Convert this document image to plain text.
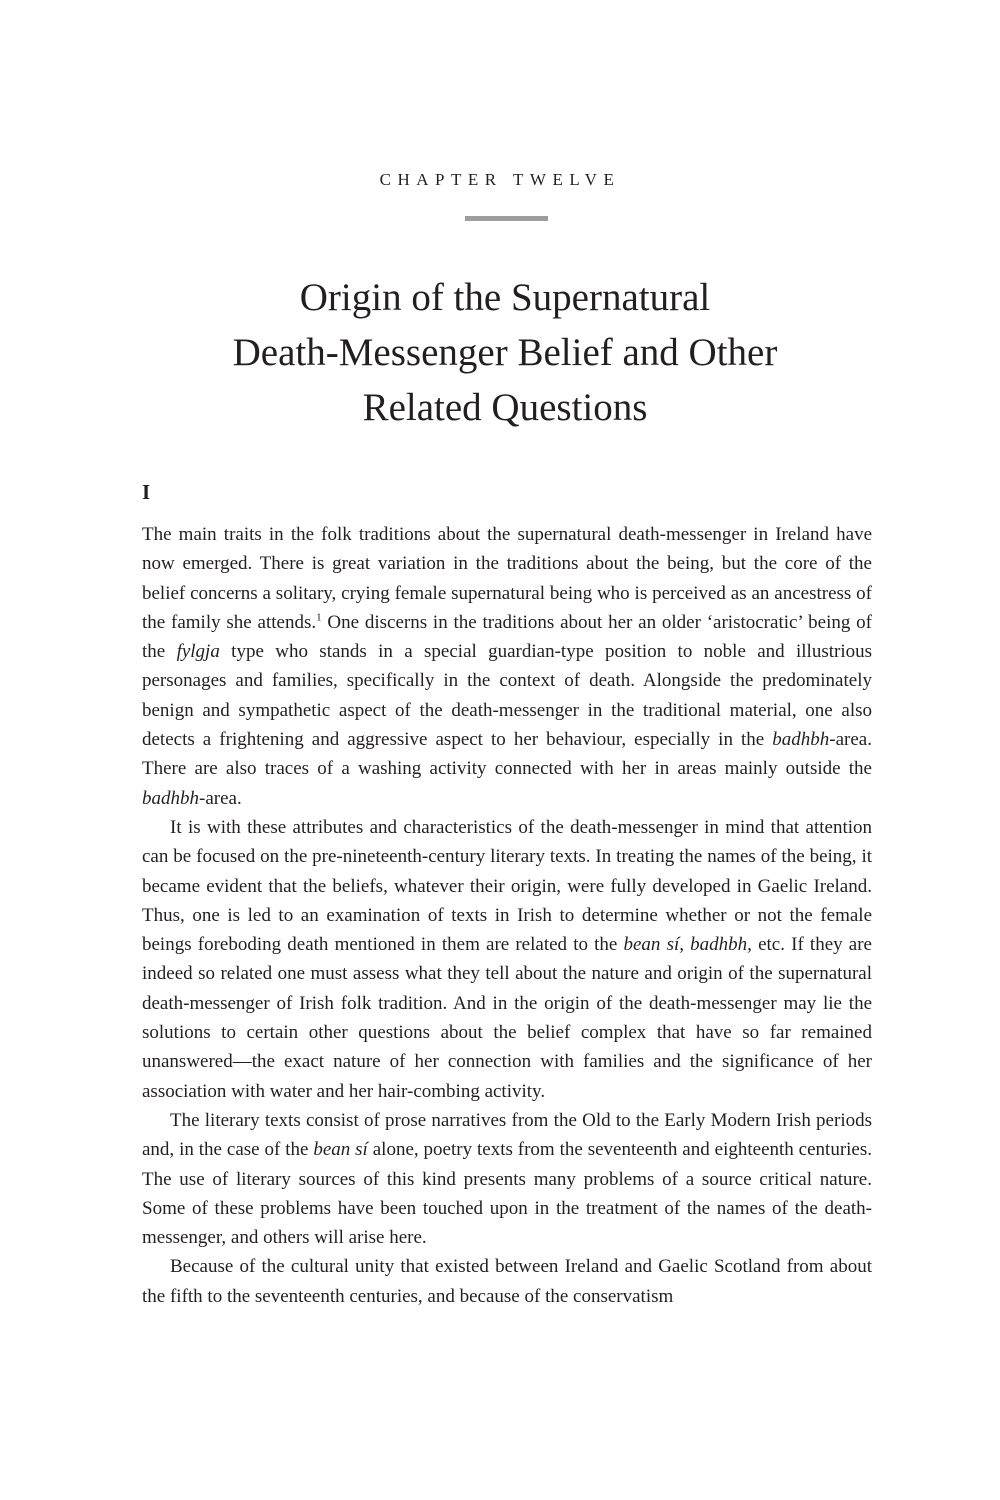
CHAPTER TWELVE
Origin of the Supernatural
Death-Messenger Belief and Other
Related Questions
I

The main traits in the folk traditions about the supernatural death-messenger in Ireland have now emerged. There is great variation in the traditions about the being, but the core of the belief concerns a solitary, crying female supernatural being who is perceived as an ancestress of the family she attends.$^1$ One discerns in the traditions about her an older ‘aristocratic’ being of the fylgja type who stands in a special guardian-type position to noble and illustrious personages and families, specifically in the context of death. Alongside the predominately benign and sympathetic aspect of the death-messenger in the traditional material, one also detects a frightening and aggressive aspect to her behaviour, especially in the badhbh-area. There are also traces of a washing activity connected with her in areas mainly outside the badhbh-area.

It is with these attributes and characteristics of the death-messenger in mind that attention can be focused on the pre-nineteenth-century literary texts. In treating the names of the being, it became evident that the beliefs, whatever their origin, were fully developed in Gaelic Ireland. Thus, one is led to an examination of texts in Irish to determine whether or not the female beings foreboding death mentioned in them are related to the bean sí, badhbh, etc. If they are indeed so related one must assess what they tell about the nature and origin of the supernatural death-messenger of Irish folk tradition. And in the origin of the death-messenger may lie the solutions to certain other questions about the belief complex that have so far remained unanswered—the exact nature of her connection with families and the significance of her association with water and her hair-combing activity.

The literary texts consist of prose narratives from the Old to the Early Modern Irish periods and, in the case of the bean sí alone, poetry texts from the seventeenth and eighteenth centuries. The use of literary sources of this kind presents many problems of a source critical nature. Some of these problems have been touched upon in the treatment of the names of the death-messenger, and others will arise here.

Because of the cultural unity that existed between Ireland and Gaelic Scotland from about the fifth to the seventeenth centuries, and because of the conservatism
